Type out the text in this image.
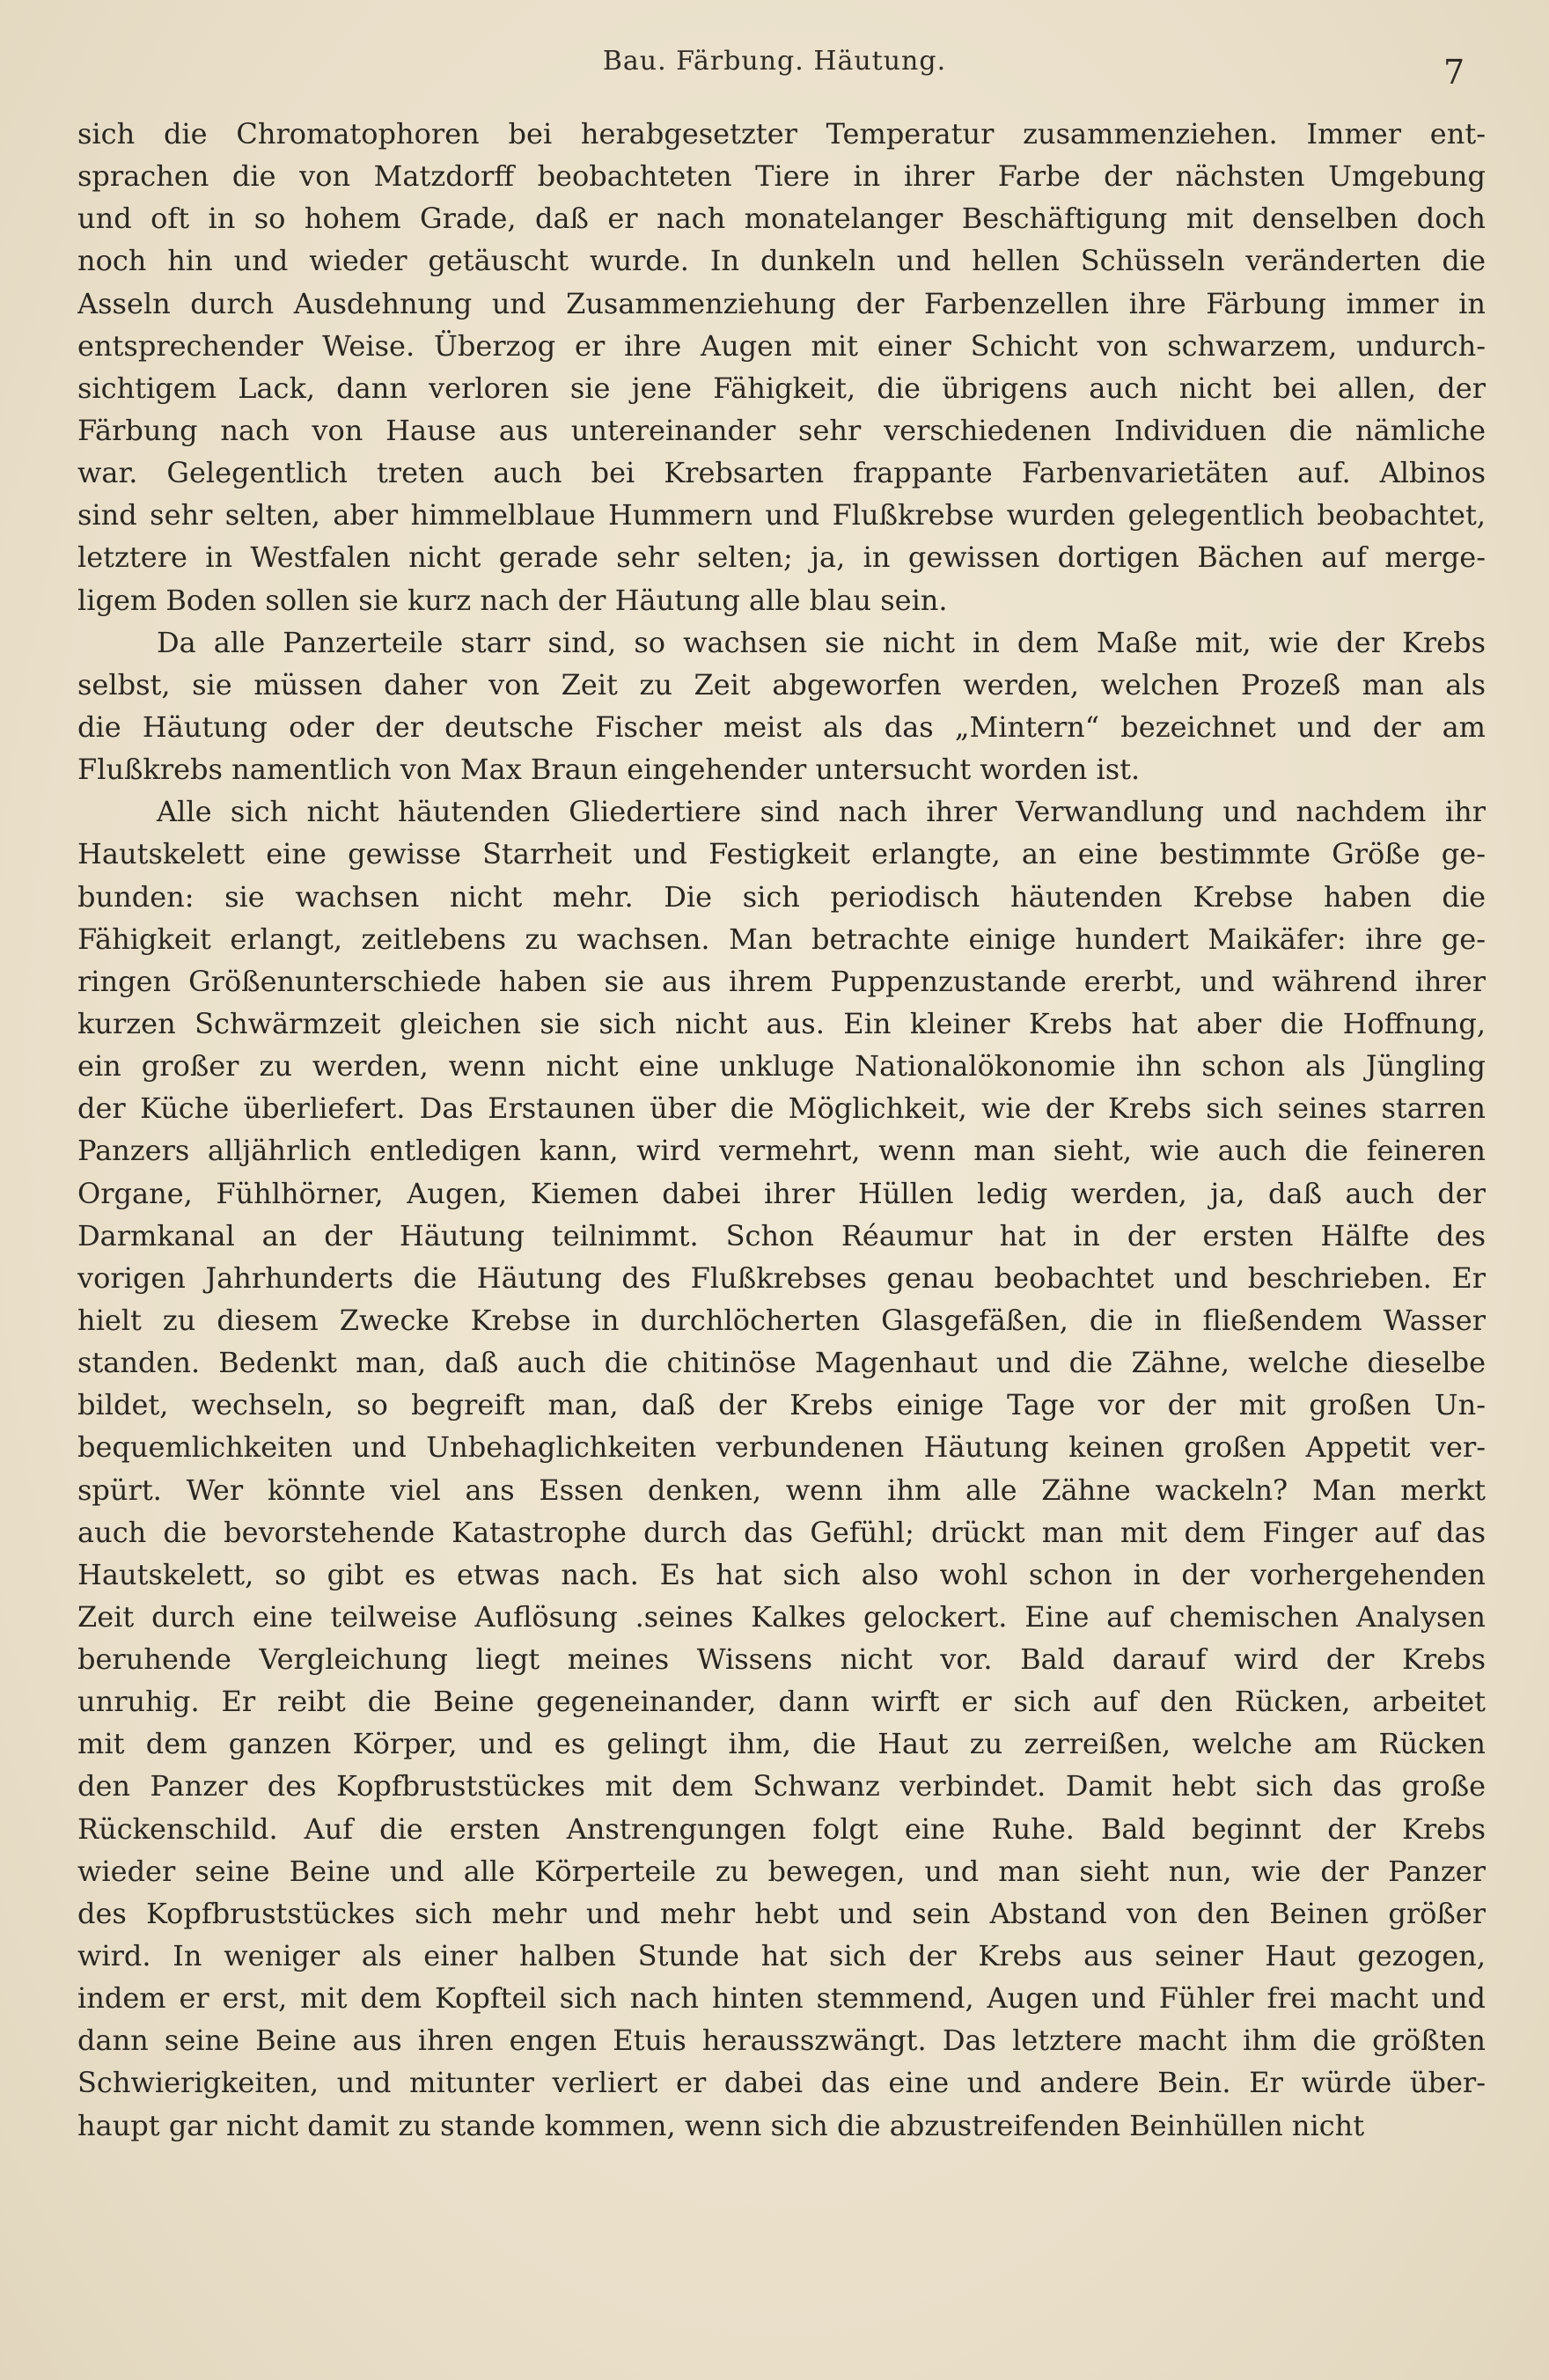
Bau. Färbung. Häutung.	7
sich die Chromatophoren bei herabgesetzter Temperatur zusammenziehen. Immer ent-
sprachen die von Matzdorff beobachteten Tiere in ihrer Farbe der nächsten Umgebung
und oft in so hohem Grade, daß er nach monatelanger Beschäftigung mit denselben doch
noch hin und wieder getäuscht wurde. In dunkeln und hellen Schüsseln veränderten die
Asseln durch Ausdehnung und Zusammenziehung der Farbenzellen ihre Färbung immer in
entsprechender Weise. Überzog er ihre Augen mit einer Schicht von schwarzem, undurch-
sichtigem Lack, dann verloren sie jene Fähigkeit, die übrigens auch nicht bei allen, der
Färbung nach von Hause aus untereinander sehr verschiedenen Individuen die nämliche
war. Gelegentlich treten auch bei Krebsarten frappante Farbenvarietäten auf. Albinos
sind sehr selten, aber himmelblaue Hummern und Flußkrebse wurden gelegentlich beobachtet,
letztere in Westfalen nicht gerade sehr selten; ja, in gewissen dortigen Bächen auf merge-
ligem Boden sollen sie kurz nach der Häutung alle blau sein.
Da alle Panzerteile starr sind, so wachsen sie nicht in dem Maße mit, wie der Krebs
selbst, sie müssen daher von Zeit zu Zeit abgeworfen werden, welchen Prozeß man als
die Häutung oder der deutsche Fischer meist als das „Mintern“ bezeichnet und der am
Flußkrebs namentlich von Max Braun eingehender untersucht worden ist.
Alle sich nicht häutenden Gliedertiere sind nach ihrer Verwandlung und nachdem ihr
Hautskelett eine gewisse Starrheit und Festigkeit erlangte, an eine bestimmte Größe ge-
bunden: sie wachsen nicht mehr. Die sich periodisch häutenden Krebse haben die
Fähigkeit erlangt, zeitlebens zu wachsen. Man betrachte einige hundert Maikäfer: ihre ge-
ringen Größenunterschiede haben sie aus ihrem Puppenzustande ererbt, und während ihrer
kurzen Schwärmzeit gleichen sie sich nicht aus. Ein kleiner Krebs hat aber die Hoffnung,
ein großer zu werden, wenn nicht eine unkluge Nationalökonomie ihn schon als Jüngling
der Küche überliefert. Das Erstaunen über die Möglichkeit, wie der Krebs sich seines starren
Panzers alljährlich entledigen kann, wird vermehrt, wenn man sieht, wie auch die feineren
Organe, Fühlhörner, Augen, Kiemen dabei ihrer Hüllen ledig werden, ja, daß auch der
Darmkanal an der Häutung teilnimmt. Schon Réaumur hat in der ersten Hälfte des
vorigen Jahrhunderts die Häutung des Flußkrebses genau beobachtet und beschrieben. Er
hielt zu diesem Zwecke Krebse in durchlöcherten Glasgefäßen, die in fließendem Wasser
standen. Bedenkt man, daß auch die chitinöse Magenhaut und die Zähne, welche dieselbe
bildet, wechseln, so begreift man, daß der Krebs einige Tage vor der mit großen Un-
bequemlichkeiten und Unbehaglichkeiten verbundenen Häutung keinen großen Appetit ver-
spürt. Wer könnte viel ans Essen denken, wenn ihm alle Zähne wackeln? Man merkt
auch die bevorstehende Katastrophe durch das Gefühl; drückt man mit dem Finger auf das
Hautskelett, so gibt es etwas nach. Es hat sich also wohl schon in der vorhergehenden
Zeit durch eine teilweise Auflösung .seines Kalkes gelockert. Eine auf chemischen Analysen
beruhende Vergleichung liegt meines Wissens nicht vor. Bald darauf wird der Krebs
unruhig. Er reibt die Beine gegeneinander, dann wirft er sich auf den Rücken, arbeitet
mit dem ganzen Körper, und es gelingt ihm, die Haut zu zerreißen, welche am Rücken
den Panzer des Kopfbruststückes mit dem Schwanz verbindet. Damit hebt sich das große
Rückenschild. Auf die ersten Anstrengungen folgt eine Ruhe. Bald beginnt der Krebs
wieder seine Beine und alle Körperteile zu bewegen, und man sieht nun, wie der Panzer
des Kopfbruststückes sich mehr und mehr hebt und sein Abstand von den Beinen größer
wird. In weniger als einer halben Stunde hat sich der Krebs aus seiner Haut gezogen,
indem er erst, mit dem Kopfteil sich nach hinten stemmend, Augen und Fühler frei macht und
dann seine Beine aus ihren engen Etuis herausszwängt. Das letztere macht ihm die größten
Schwierigkeiten, und mitunter verliert er dabei das eine und andere Bein. Er würde über-
haupt gar nicht damit zu stande kommen, wenn sich die abzustreifenden Beinhüllen nicht
